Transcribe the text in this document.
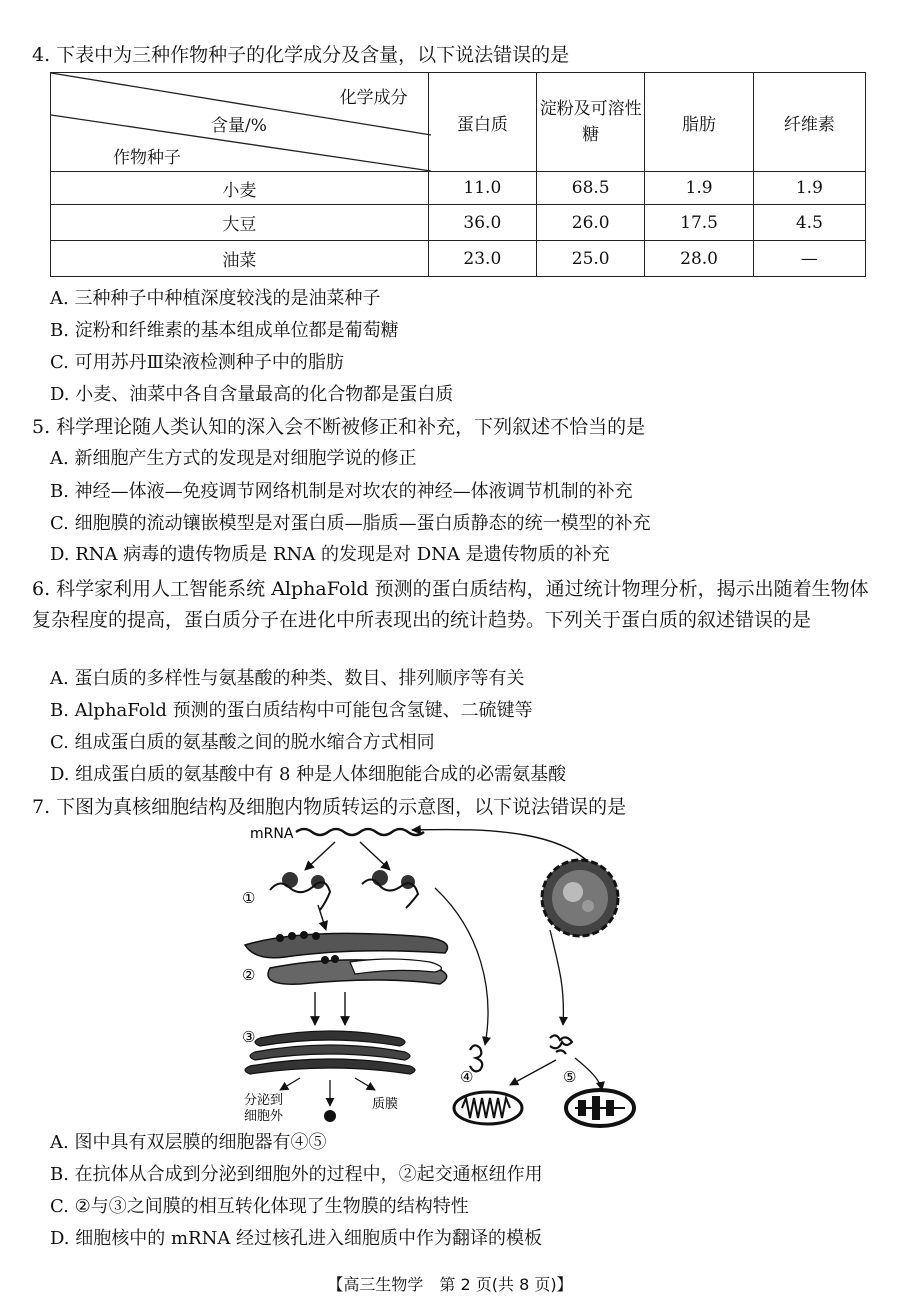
4. 下表中为三种作物种子的化学成分及含量，以下说法错误的是
化学成分
含量/%
作物种子	蛋白质	淀粉及可溶性糖	脂肪	纤维素
小麦	11.0	68.5	1.9	1.9
大豆	36.0	26.0	17.5	4.5
油菜	23.0	25.0	28.0	—
A. 三种种子中种植深度较浅的是油菜种子
B. 淀粉和纤维素的基本组成单位都是葡萄糖
C. 可用苏丹Ⅲ染液检测种子中的脂肪
D. 小麦、油菜中各自含量最高的化合物都是蛋白质
5. 科学理论随人类认知的深入会不断被修正和补充，下列叙述不恰当的是
A. 新细胞产生方式的发现是对细胞学说的修正
B. 神经—体液—免疫调节网络机制是对坎农的神经—体液调节机制的补充
C. 细胞膜的流动镶嵌模型是对蛋白质—脂质—蛋白质静态的统一模型的补充
D. RNA 病毒的遗传物质是 RNA 的发现是对 DNA 是遗传物质的补充
6. 科学家利用人工智能系统 AlphaFold 预测的蛋白质结构，通过统计物理分析，揭示出随着生物体复杂程度的提高，蛋白质分子在进化中所表现出的统计趋势。下列关于蛋白质的叙述错误的是
A. 蛋白质的多样性与氨基酸的种类、数目、排列顺序等有关
B. AlphaFold 预测的蛋白质结构中可能包含氢键、二硫键等
C. 组成蛋白质的氨基酸之间的脱水缩合方式相同
D. 组成蛋白质的氨基酸中有 8 种是人体细胞能合成的必需氨基酸
7. 下图为真核细胞结构及细胞内物质转运的示意图，以下说法错误的是
mRNA
①
②
③
分泌到
细胞外
质膜
④	⑤
A. 图中具有双层膜的细胞器有④⑤
B. 在抗体从合成到分泌到细胞外的过程中，②起交通枢纽作用
C. ②与③之间膜的相互转化体现了生物膜的结构特性
D. 细胞核中的 mRNA 经过核孔进入细胞质中作为翻译的模板
【高三生物学　第 2 页(共 8 页)】
